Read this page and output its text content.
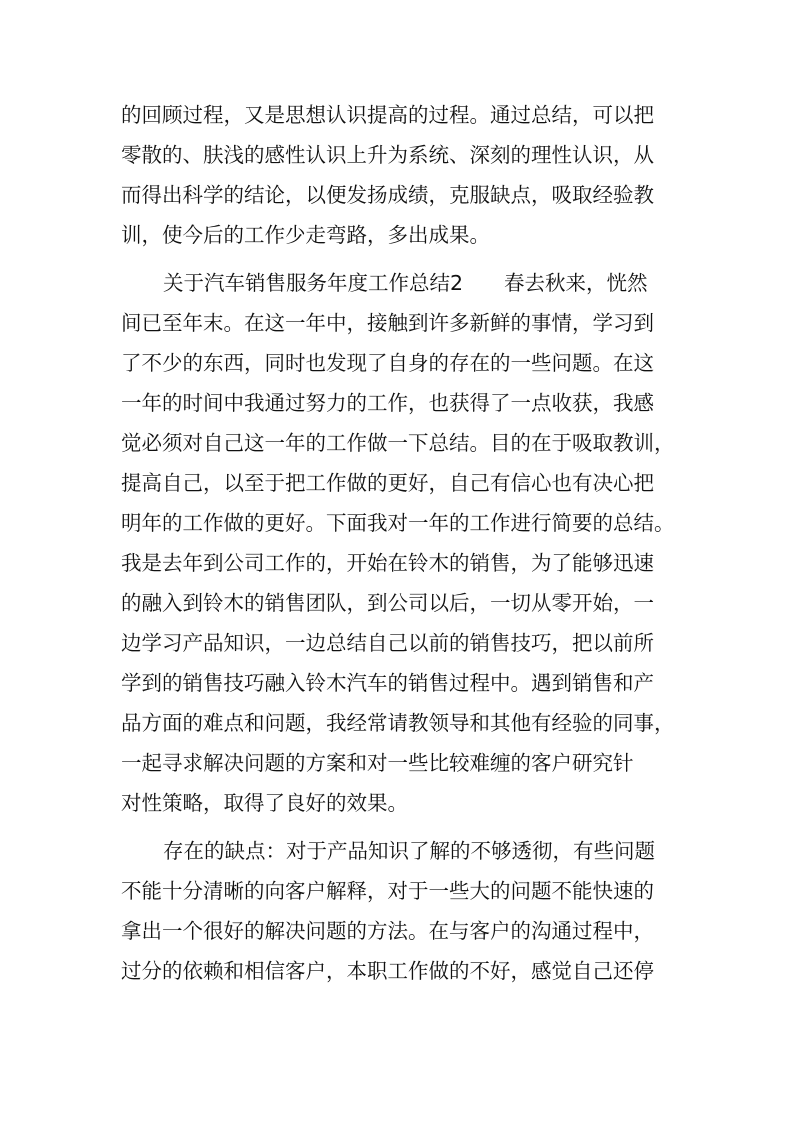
的回顾过程，又是思想认识提高的过程。通过总结，可以把
零散的、肤浅的感性认识上升为系统、深刻的理性认识，从
而得出科学的结论，以便发扬成绩，克服缺点，吸取经验教
训，使今后的工作少走弯路，多出成果。
关于汽车销售服务年度工作总结2　　春去秋来，恍然
间已至年末。在这一年中，接触到许多新鲜的事情，学习到
了不少的东西，同时也发现了自身的存在的一些问题。在这
一年的时间中我通过努力的工作，也获得了一点收获，我感
觉必须对自己这一年的工作做一下总结。目的在于吸取教训，
提高自己，以至于把工作做的更好，自己有信心也有决心把
明年的工作做的更好。下面我对一年的工作进行简要的总结。
我是去年到公司工作的，开始在铃木的销售，为了能够迅速
的融入到铃木的销售团队，到公司以后，一切从零开始，一
边学习产品知识，一边总结自己以前的销售技巧，把以前所
学到的销售技巧融入铃木汽车的销售过程中。遇到销售和产
品方面的难点和问题，我经常请教领导和其他有经验的同事，
一起寻求解决问题的方案和对一些比较难缠的客户研究针
对性策略，取得了良好的效果。
存在的缺点：对于产品知识了解的不够透彻，有些问题
不能十分清晰的向客户解释，对于一些大的问题不能快速的
拿出一个很好的解决问题的方法。在与客户的沟通过程中，
过分的依赖和相信客户，本职工作做的不好，感觉自己还停
